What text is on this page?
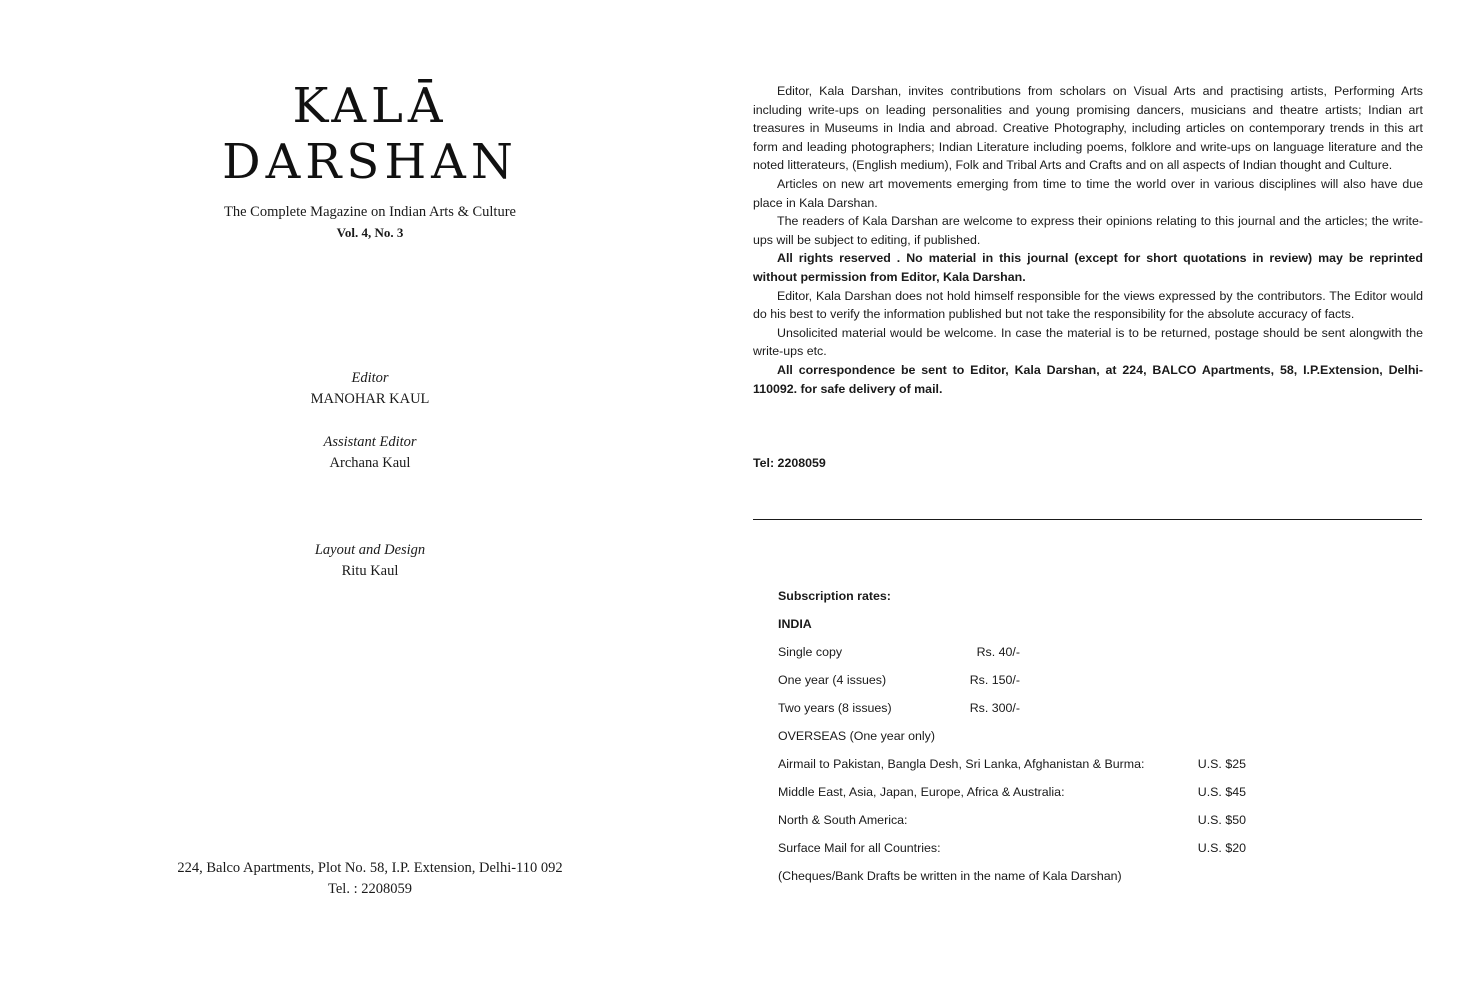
KALĀ
DARSHAN
The Complete Magazine on Indian Arts & Culture
Vol. 4, No. 3
Editor
MANOHAR KAUL
Assistant Editor
Archana Kaul
Layout and Design
Ritu Kaul
224, Balco Apartments, Plot No. 58, I.P. Extension, Delhi-110 092
Tel. : 2208059

Editor, Kala Darshan, invites contributions from scholars on Visual Arts and practising artists, Performing Arts including write-ups on leading personalities and young promising dancers, musicians and theatre artists; Indian art treasures in Museums in India and abroad. Creative Photography, including articles on contemporary trends in this art form and leading photographers; Indian Literature including poems, folklore and write-ups on language literature and the noted litterateurs, (English medium), Folk and Tribal Arts and Crafts and on all aspects of Indian thought and Culture.

Articles on new art movements emerging from time to time the world over in various disciplines will also have due place in Kala Darshan.

The readers of Kala Darshan are welcome to express their opinions relating to this journal and the articles; the write-ups will be subject to editing, if published.

All rights reserved . No material in this journal (except for short quotations in review) may be reprinted without permission from Editor, Kala Darshan.

Editor, Kala Darshan does not hold himself responsible for the views expressed by the contributors. The Editor would do his best to verify the information published but not take the responsibility for the absolute accuracy of facts.

Unsolicited material would be welcome. In case the material is to be returned, postage should be sent alongwith the write-ups etc.

All correspondence be sent to Editor, Kala Darshan, at 224, BALCO Apartments, 58, I.P.Extension, Delhi-110092. for safe delivery of mail.

Tel: 2208059
Subscription rates:
INDIA
Single copy	Rs. 40/-
One year (4 issues)	Rs. 150/-
Two years (8 issues)	Rs. 300/-
OVERSEAS (One year only)
Airmail to Pakistan, Bangla Desh, Sri Lanka, Afghanistan & Burma:	U.S. $25
Middle East, Asia, Japan, Europe, Africa & Australia:	U.S. $45
North & South America:	U.S. $50
Surface Mail for all Countries:	U.S. $20
(Cheques/Bank Drafts be written in the name of Kala Darshan)
